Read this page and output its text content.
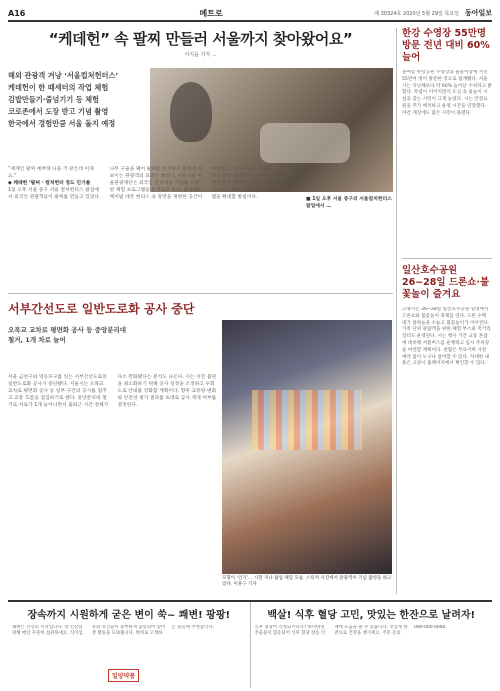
A16	메트로	제 30324호 2020년 5월 29일 목요일 동아일보
“케데헌” 속 팔찌 만들러 서울까지 찾아왔어요”
이지윤 기자 ...
해외 관광객 겨냥 ‘서울컬처헌터스’
케데헌이 한 때세터의 작업 체험
김밥만들기·줄넘기기 등 체험
코로존에서 도장 받고 기념 촬영
한국에서 경험만큼 서울 돌지 예정
■ 1일 오후 서울 중구의 서울컬처헌터스 팝업에서 …

“세계인 팔찌 예쁘게 나올 거 같은데 이제요.”

◆ 케데헌 ‘팔찌 · 컬처헌터 정도 인기쏠

1일 오후 서울 중구 서울 컬처헌터스 팝업에서 외국인 관광객들이 팔찌를 만들고 있었다. 나무 구슬을 꿰어 팔찌를 완성하고 팔목에 차 보이는 관광객의 표정은 밝았다. 서울시와 서울관광재단은 외국인 관광객을 겨냥해 다양한 체험 프로그램을 운영하고 있다. 팝업에는 케이팝 데몬 헌터스 속 장면을 재현한 공간이 마련됐고, 참가자들은 도장을 모으며 기념 촬영을 했다. 관광객들은 서울의 문화를 직접 체험할 수 있어서 좋았다고 말했다. 서울시는 앞으로도 한류 콘텐츠를 활용한 관광 프로그램을 확대할 방침이다.

서부간선도로 일반도로화 공사 중단
오목교 교차로 평면화 공사 등 중앙분리대 철거, 1개 차로 늘어
서울 금천구와 영등포구를 잇는 서부간선도로의 일반도로화 공사가 중단됐다. 서울시는 오목교 교차로 평면화 공사 등 일부 구간의 공사를 멈추고 교통 흐름을 점검하기로 했다. 중앙분리대 철거로 차로가 1개 늘어나면서 출퇴근 시간 정체가 다소 완화됐다는 분석도 나온다. 시는 시민 불편을 최소화하기 위해 공사 일정을 조정하고 우회도로 안내를 강화할 계획이다. 향후 교통량 변화와 안전성 평가 결과를 토대로 공사 재개 여부를 결정한다.
모형이 ‘인기’… 시민 지나 팝업 체험 모습. 스티커 사진에서 관광객이 기념 촬영을 하고 있다. 이훈구 기자
한강 수영장 55만명 방문 전년 대비 60% 늘어
올여름 한강공원 수영장과 물놀이장에 시민 55만여 명이 방문한 것으로 집계됐다. 서울시는 지난해보다 약 60% 늘어난 수치라고 밝혔다. 폭염이 이어지면서 도심 속 물놀이 시설을 찾는 시민이 크게 늘었다. 시는 안전요원을 추가 배치하고 운영 시간을 연장했다. 야간 개장에도 많은 시민이 몰렸다.
일산호수공원 26~28일 드론쇼·불꽃놀이 즐겨요
고양시는 26~28일 일산호수공원 일대에서 드론쇼와 불꽃놀이 축제를 연다. 드론 수백 대가 밤하늘을 수놓고 불꽃놀이가 이어진다. 가족 단위 관람객을 위한 체험 부스와 먹거리 장터도 운영된다. 시는 행사 기간 교통 혼잡에 대비해 셔틀버스를 운행하고 임시 주차장을 마련할 계획이다. 관람은 무료이며 사전 예약 없이 누구나 참여할 수 있다. 자세한 내용은 고양시 홈페이지에서 확인할 수 있다.
장속까지 시원하게 굳은 변이 쑥~ 쾌변! 팡팡!
쾌변은 건강의 시작입니다. 장 건강을 위해 매일 꾸준히 섭취하세요. 식이섬유와 유산균이 풍부하게 함유되어 있어 장 활동을 도와줍니다. 변비로 고생하는 분들께 추천합니다.
일양약품
백살! 식후 혈당 고민, 맛있는 한잔으로 날려자!
식후 혈당이 걱정되시나요? 바나바잎 추출물이 함유되어 식후 혈당 상승 억제에 도움을 줄 수 있습니다. 맛있게 한 잔으로 건강을 챙기세요. 주문 문의 080-000-0000.
